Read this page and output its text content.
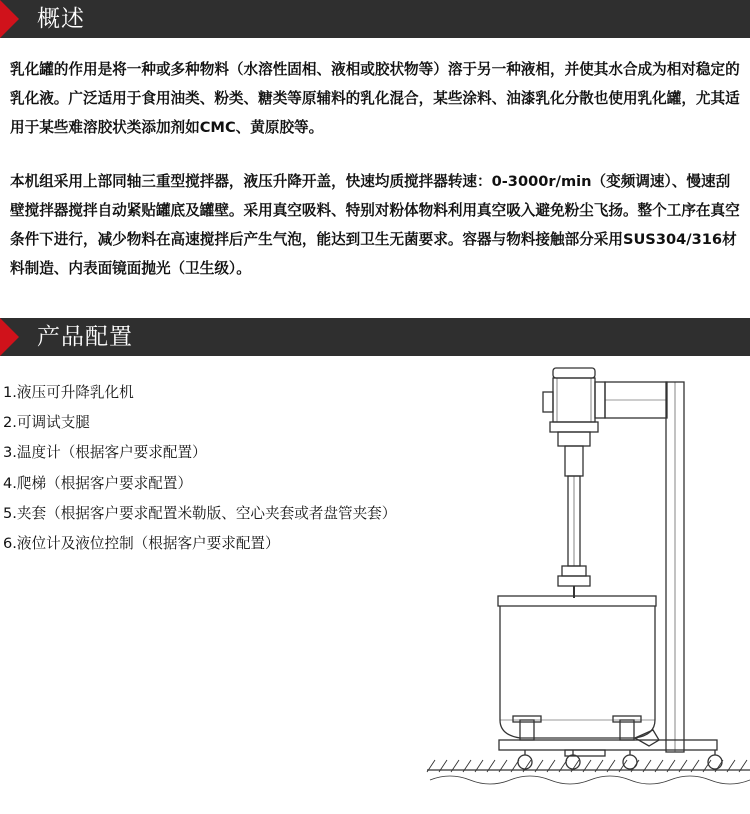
概述
乳化罐的作用是将一种或多种物料（水溶性固相、液相或胶状物等）溶于另一种液相，并使其水合成为相对稳定的乳化液。广泛适用于食用油类、粉类、糖类等原辅料的乳化混合，某些涂料、油漆乳化分散也使用乳化罐，尤其适用于某些难溶胶状类添加剂如CMC、黄原胶等。
本机组采用上部同轴三重型搅拌器，液压升降开盖，快速均质搅拌器转速：0-3000r/min（变频调速）、慢速刮壁搅拌器搅拌自动紧贴罐底及罐壁。采用真空吸料、特别对粉体物料利用真空吸入避免粉尘飞扬。整个工序在真空条件下进行，减少物料在高速搅拌后产生气泡，能达到卫生无菌要求。容器与物料接触部分采用SUS304/316材料制造、内表面镜面抛光（卫生级）。
产品配置
1.液压可升降乳化机
2.可调试支腿
3.温度计（根据客户要求配置）
4.爬梯（根据客户要求配置）
5.夹套（根据客户要求配置米勒版、空心夹套或者盘管夹套）
6.液位计及液位控制（根据客户要求配置）
